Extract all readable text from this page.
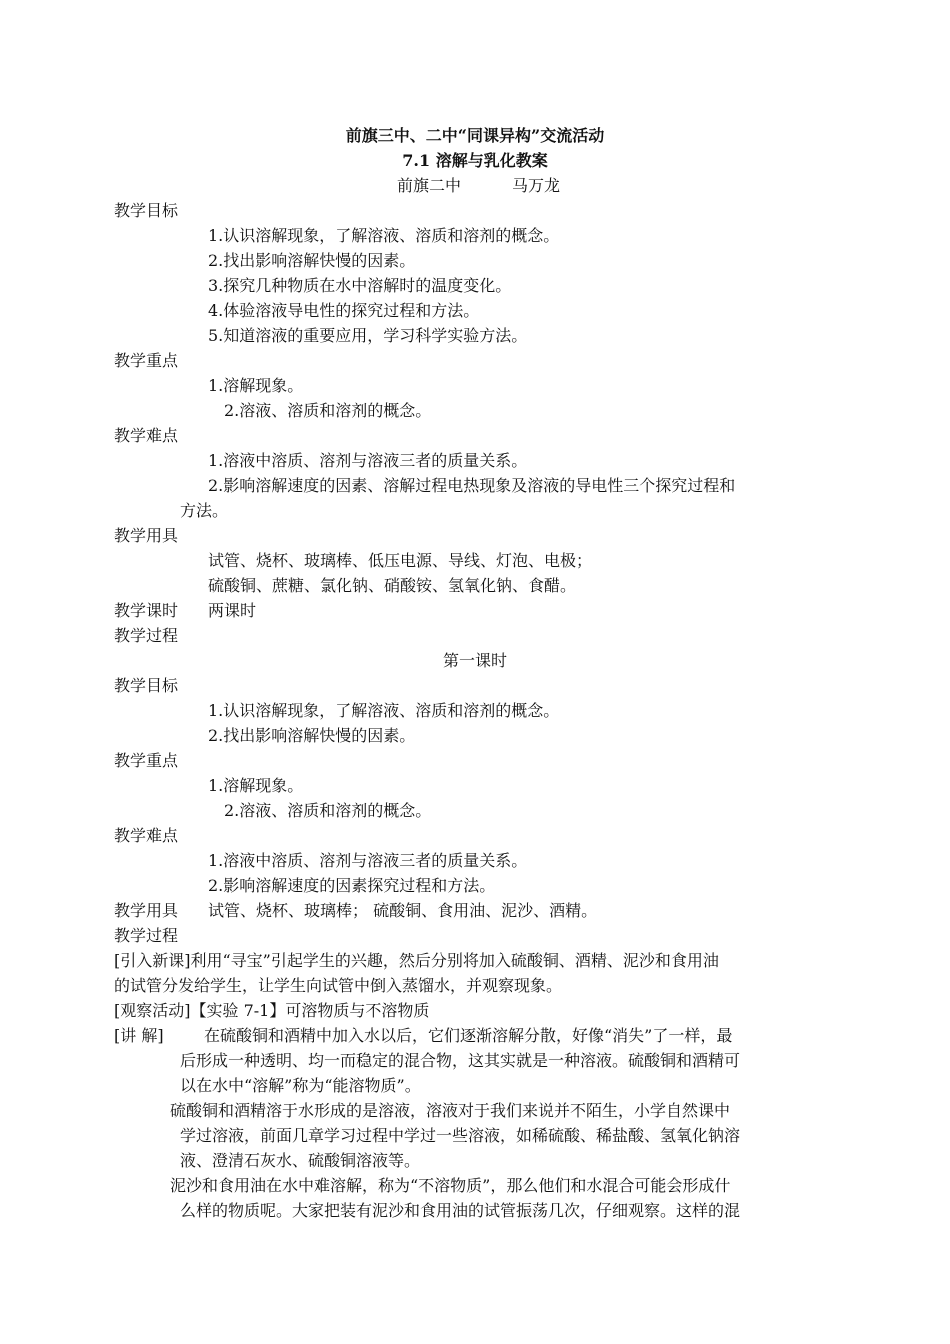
前旗三中、二中“同课异构”交流活动
7.1 溶解与乳化教案
前旗二中	马万龙
教学目标
1.认识溶解现象，了解溶液、溶质和溶剂的概念。
2.找出影响溶解快慢的因素。
3.探究几种物质在水中溶解时的温度变化。
4.体验溶液导电性的探究过程和方法。
5.知道溶液的重要应用，学习科学实验方法。
教学重点
1.溶解现象。
2.溶液、溶质和溶剂的概念。
教学难点
1.溶液中溶质、溶剂与溶液三者的质量关系。
2.影响溶解速度的因素、溶解过程电热现象及溶液的导电性三个探究过程和
方法。
教学用具
试管、烧杯、玻璃棒、低压电源、导线、灯泡、电极；
硫酸铜、蔗糖、氯化钠、硝酸铵、氢氧化钠、食醋。
教学课时 两课时
教学过程
第一课时
教学目标
1.认识溶解现象，了解溶液、溶质和溶剂的概念。
2.找出影响溶解快慢的因素。
教学重点
1.溶解现象。
2.溶液、溶质和溶剂的概念。
教学难点
1.溶液中溶质、溶剂与溶液三者的质量关系。
2.影响溶解速度的因素探究过程和方法。
教学用具 试管、烧杯、玻璃棒； 硫酸铜、食用油、泥沙、酒精。
教学过程
[引入新课]利用“寻宝”引起学生的兴趣，然后分别将加入硫酸铜、酒精、泥沙和食用油
的试管分发给学生，让学生向试管中倒入蒸馏水，并观察现象。
[观察活动]【实验 7-1】可溶物质与不溶物质
[讲 解]	在硫酸铜和酒精中加入水以后，它们逐渐溶解分散，好像“消失”了一样，最
后形成一种透明、均一而稳定的混合物，这其实就是一种溶液。硫酸铜和酒精可
以在水中“溶解”称为“能溶物质”。
硫酸铜和酒精溶于水形成的是溶液，溶液对于我们来说并不陌生，小学自然课中
学过溶液，前面几章学习过程中学过一些溶液，如稀硫酸、稀盐酸、氢氧化钠溶
液、澄清石灰水、硫酸铜溶液等。
泥沙和食用油在水中难溶解，称为“不溶物质”，那么他们和水混合可能会形成什
么样的物质呢。大家把装有泥沙和食用油的试管振荡几次，仔细观察。这样的混
